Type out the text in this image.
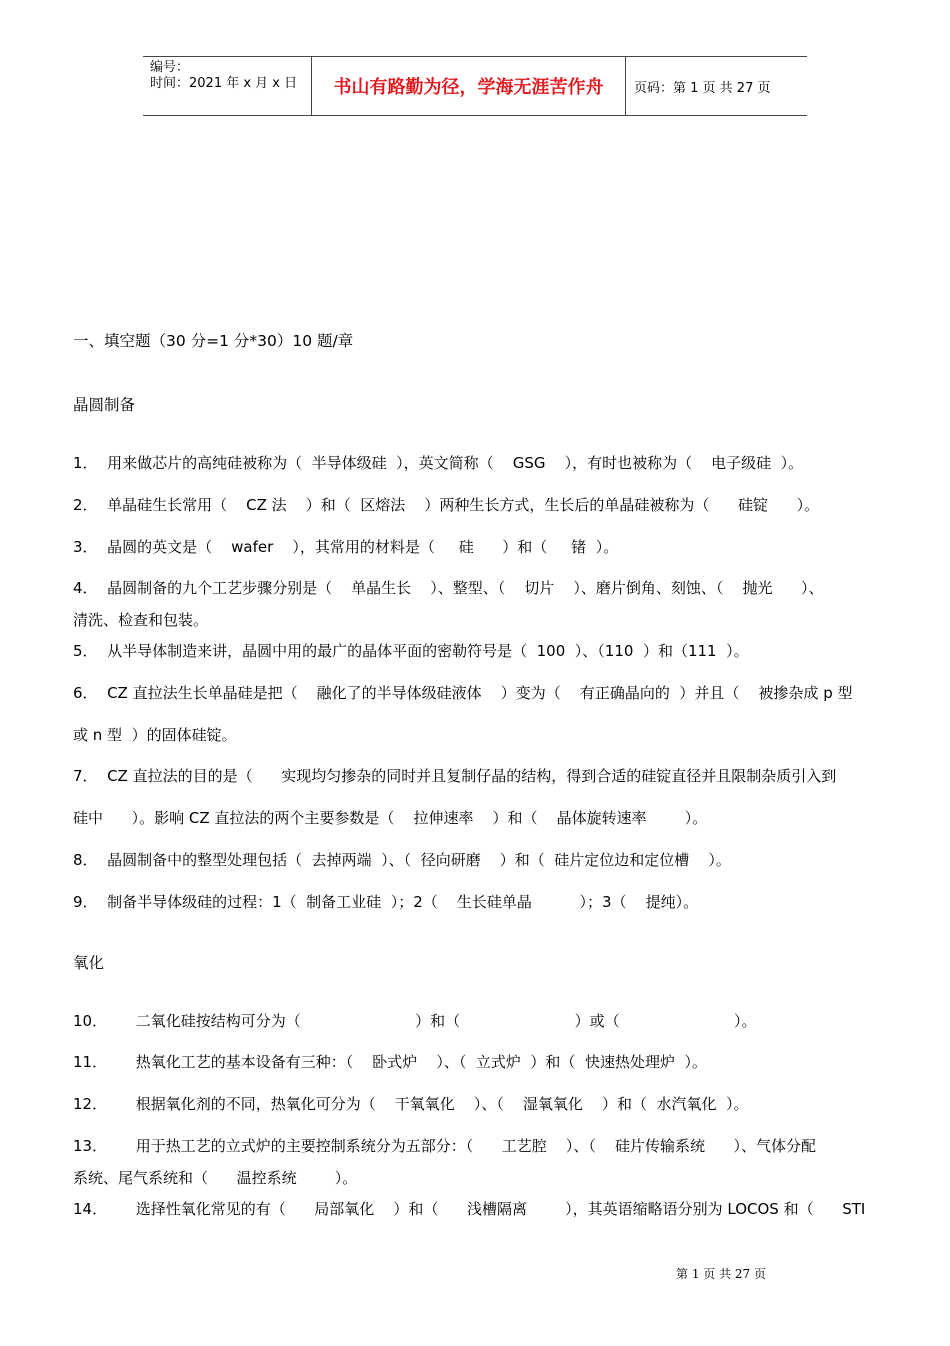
编号：
时间：2021 年 x 月 x 日	书山有路勤为径，学海无涯苦作舟	页码：第 1 页 共 27 页
一、填空题（30 分=1 分*30）10 题/章
晶圆制备
1．  用来做芯片的高纯硅被称为（  半导体级硅  ），英文简称（    GSG    ），有时也被称为（    电子级硅  ）。
2．  单晶硅生长常用（    CZ 法    ）和（  区熔法    ）两种生长方式，生长后的单晶硅被称为（      硅锭      ）。
3．  晶圆的英文是（    wafer    ），其常用的材料是（     硅      ）和（     锗  ）。
4．  晶圆制备的九个工艺步骤分别是（    单晶生长    ）、整型、（    切片    ）、磨片倒角、刻蚀、（    抛光      ）、
清洗、检查和包装。
5．  从半导体制造来讲，晶圆中用的最广的晶体平面的密勒符号是（  100  ）、（110  ）和（111  ）。
6．  CZ 直拉法生长单晶硅是把（    融化了的半导体级硅液体    ）变为（    有正确晶向的  ）并且（    被掺杂成 p 型
或 n 型  ）的固体硅锭。
7．  CZ 直拉法的目的是（      实现均匀掺杂的同时并且复制仔晶的结构，得到合适的硅锭直径并且限制杂质引入到
硅中      ）。影响 CZ 直拉法的两个主要参数是（    拉伸速率    ）和（    晶体旋转速率        ）。
8．  晶圆制备中的整型处理包括（  去掉两端  ）、（  径向研磨    ）和（  硅片定位边和定位槽    ）。
9．  制备半导体级硅的过程：1（  制备工业硅  ）；2（    生长硅单晶          ）；3（    提纯）。
氧化
10．      二氧化硅按结构可分为（                        ）和（                        ）或（                        ）。
11．      热氧化工艺的基本设备有三种：（    卧式炉    ）、（  立式炉  ）和（  快速热处理炉  ）。
12．      根据氧化剂的不同，热氧化可分为（    干氧氧化    ）、（    湿氧氧化    ）和（  水汽氧化  ）。
13．      用于热工艺的立式炉的主要控制系统分为五部分：（      工艺腔    ）、（    硅片传输系统      ）、气体分配
系统、尾气系统和（      温控系统        ）。
14．      选择性氧化常见的有（      局部氧化    ）和（      浅槽隔离        ），其英语缩略语分别为 LOCOS 和（      STI
第 1 页 共 27 页
